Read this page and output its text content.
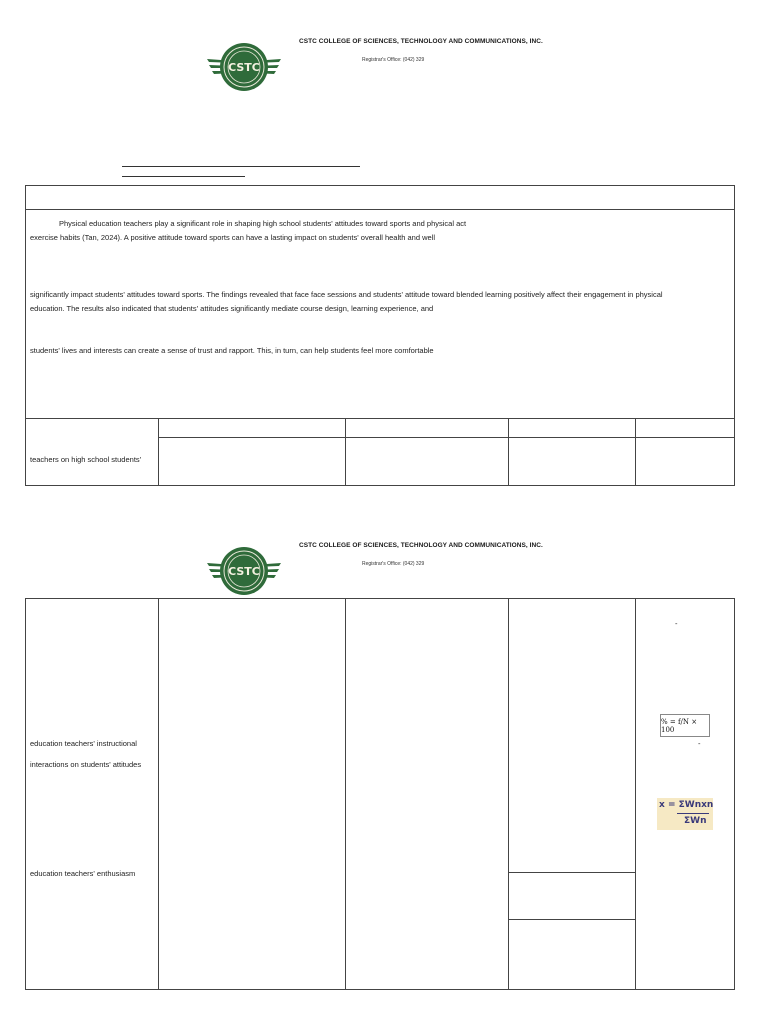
CSTC
CSTC COLLEGE OF SCIENCES, TECHNOLOGY AND COMMUNICATIONS, INC.
Registrar's Office: (042) 329
Physical education teachers play a significant role in shaping high school students' attitudes toward sports and physical act
exercise habits (Tan, 2024). A positive attitude toward sports can have a lasting impact on students' overall health and well
significantly impact students' attitudes toward sports. The findings revealed that face face sessions and students' attitude toward blended learning positively affect their engagement in physical
education. The results also indicated that students' attitudes significantly mediate course design, learning experience, and
students' lives and interests can create a sense of trust and rapport. This, in turn, can help students feel more comfortable
teachers on high school students'
CSTC
CSTC COLLEGE OF SCIENCES, TECHNOLOGY AND COMMUNICATIONS, INC.
Registrar's Office: (042) 329
education teachers' instructional
interactions on students' attitudes
education teachers' enthusiasm
-
% = f/N × 100
-
x = ΣWnxn
ΣWn
